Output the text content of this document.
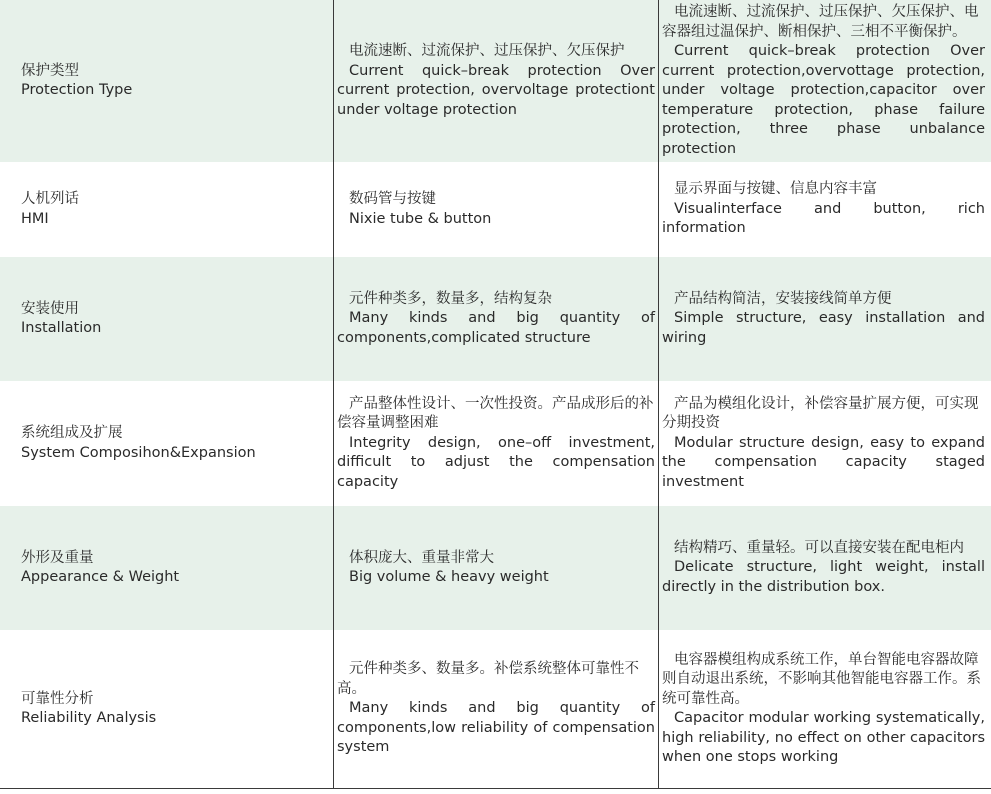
保护类型
Protection Type
电流速断、过流保护、过压保护、欠压保护
Current quick–break protection Over current protection, overvoltage protectiont under voltage protection
电流速断、过流保护、过压保护、欠压保护、电容器组过温保护、断相保护、三相不平衡保护。
Current quick–break protection Over current protection,overvottage protection, under voltage protection,capacitor over temperature protection, phase failure protection, three phase unbalance protection
人机列话
HMI
数码管与按键
Nixie tube & button
显示界面与按键、信息内容丰富
Visualinterface and button, rich information
安装使用
Installation
元件种类多，数量多，结构复杂
Many kinds and big quantity of components,complicated structure
产品结构简洁，安装接线简单方便
Simple structure, easy installation and wiring
系统组成及扩展
System Composihon&Expansion
产品整体性设计、一次性投资。产品成形后的补偿容量调整困难
Integrity design, one–off investment, difficult to adjust the compensation capacity
产品为模组化设计，补偿容量扩展方便，可实现分期投资
Modular structure design, easy to expand the compensation capacity staged investment
外形及重量
Appearance & Weight
体积庞大、重量非常大
Big volume & heavy weight
结构精巧、重量轻。可以直接安装在配电柜内
Delicate structure, light weight, install directly in the distribution box.
可靠性分析
Reliability Analysis
元件种类多、数量多。补偿系统整体可靠性不高。
Many kinds and big quantity of components,low reliability of compensation system
电容器模组构成系统工作，单台智能电容器故障则自动退出系统，不影响其他智能电容器工作。系统可靠性高。
Capacitor modular working systematically, high reliability, no effect on other capacitors when one stops working
